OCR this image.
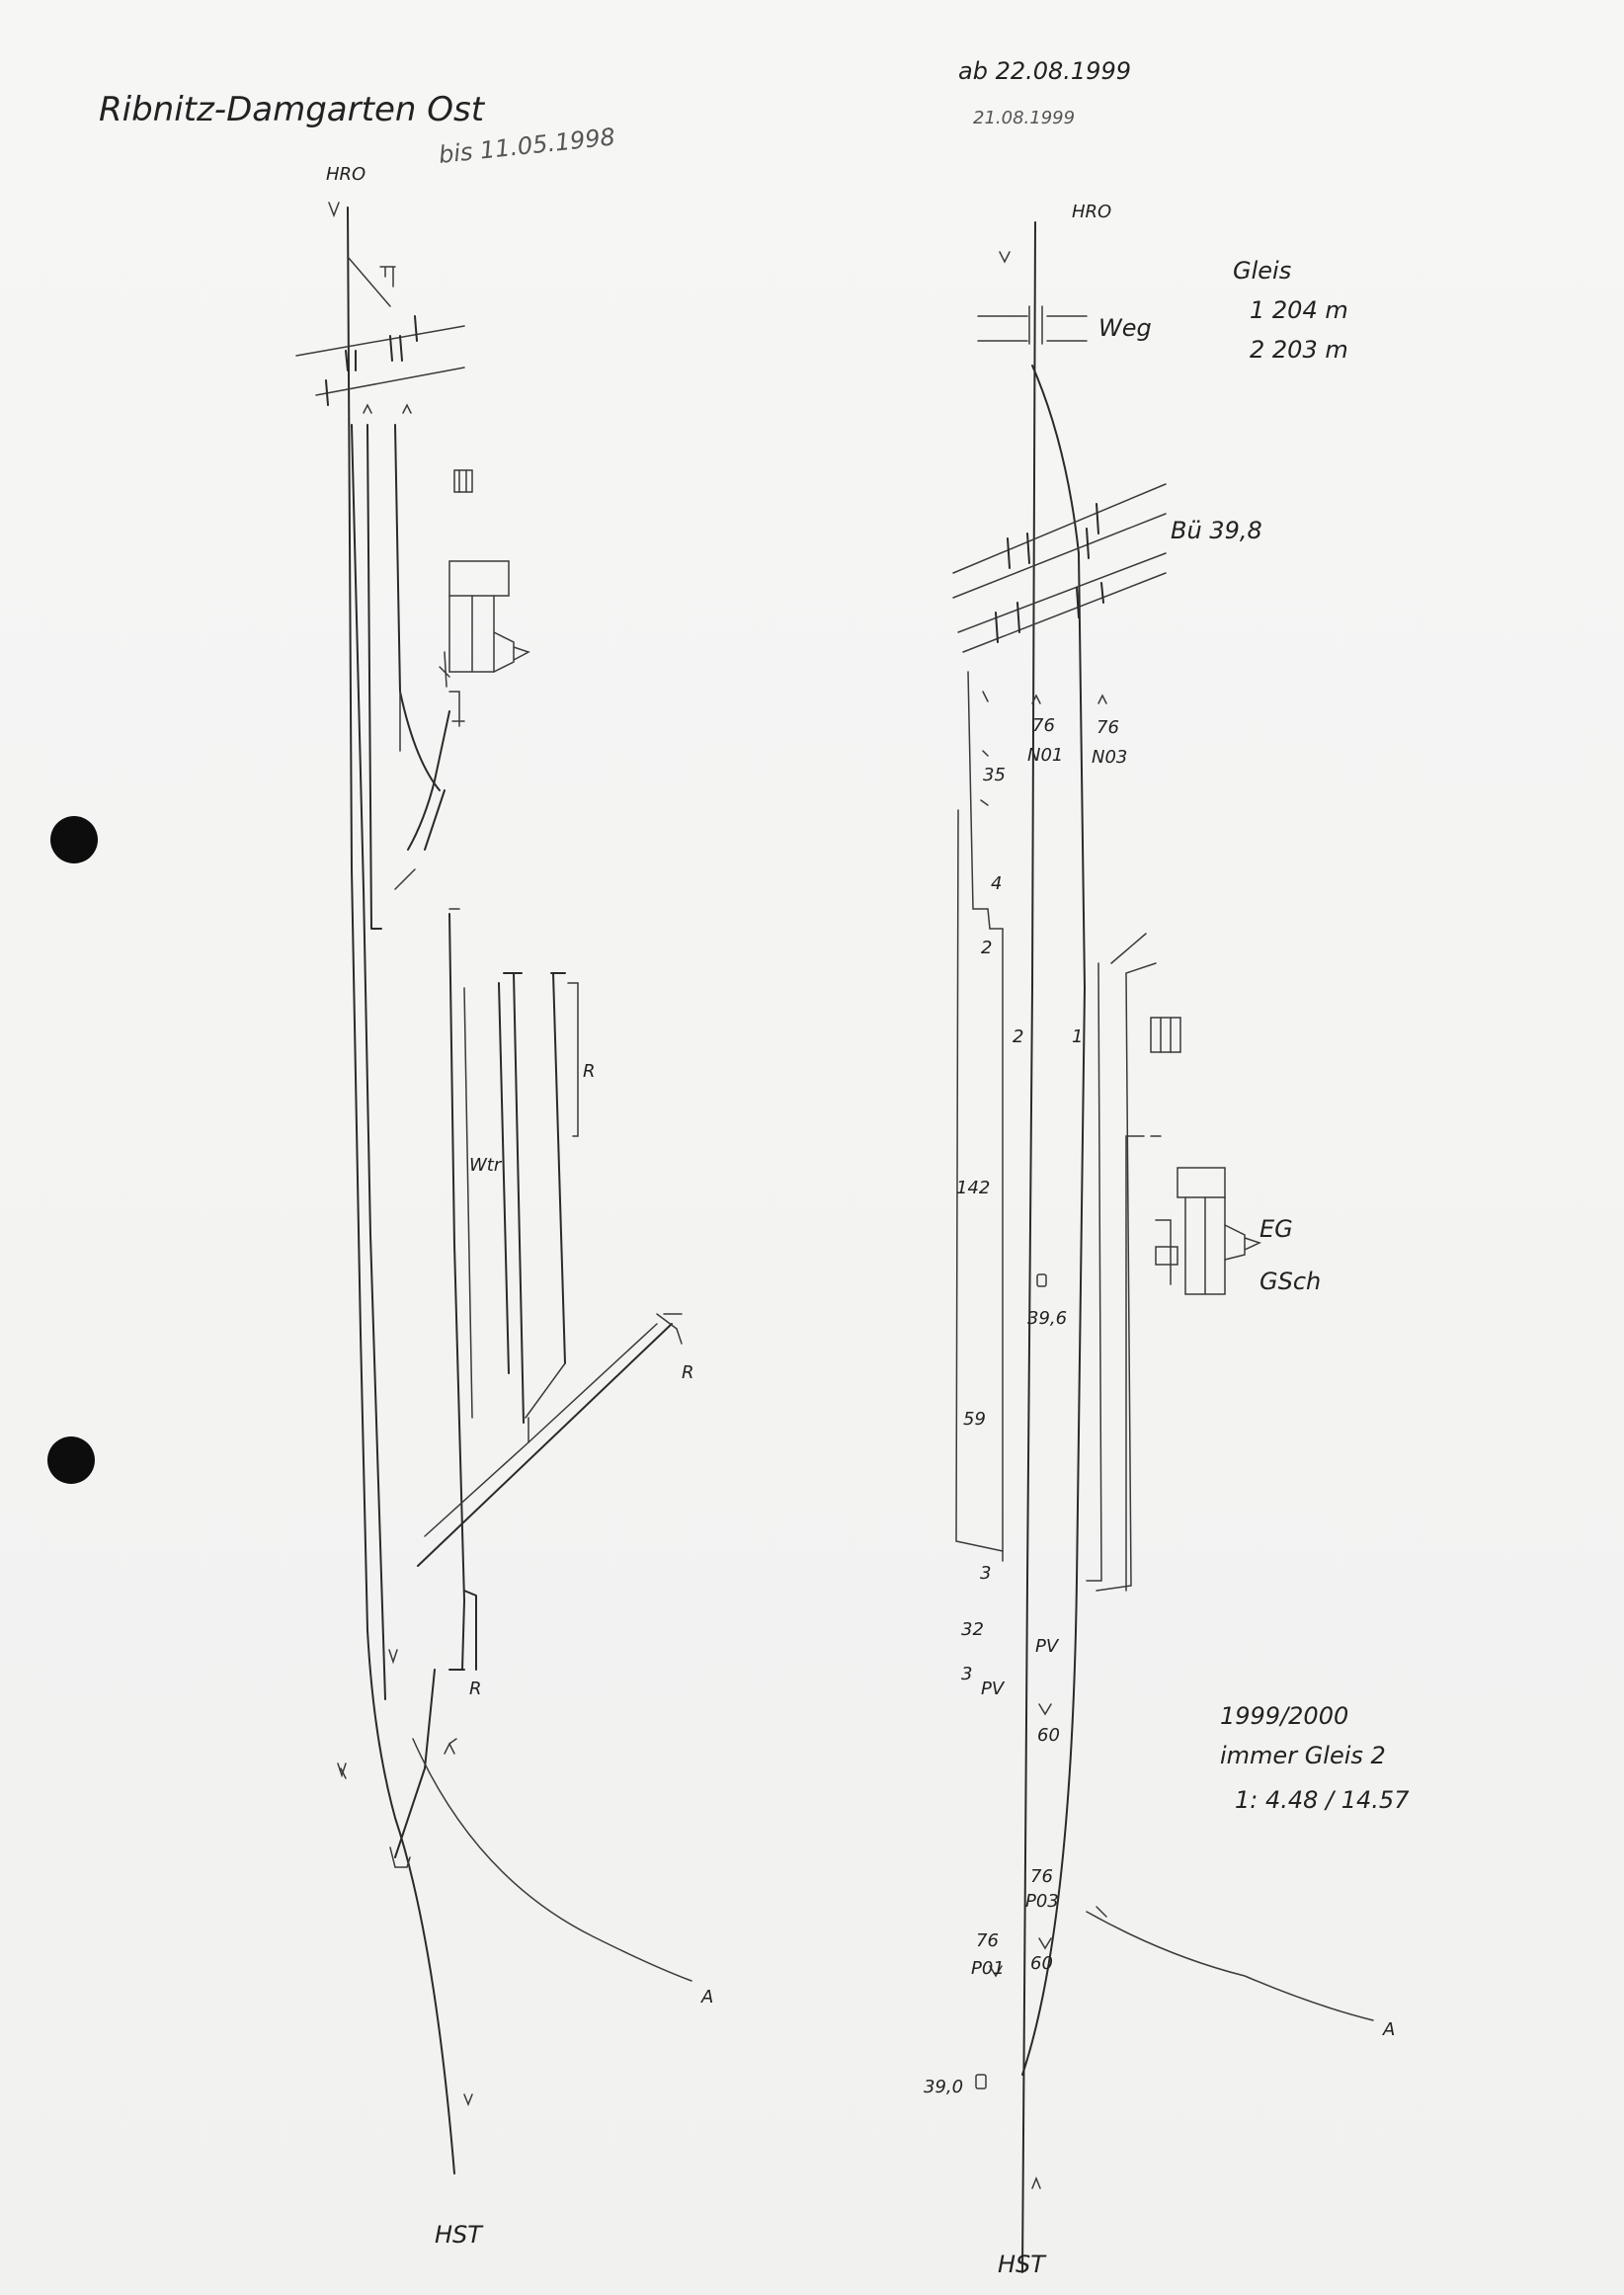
Ribnitz-Damgarten Ost
bis 11.05.1998
HRO
HST
R
Wtr
R
R
A
ab 22.08.1999
21.08.1999
HRO
HST
Weg
Bü 39,8
Gleis
1 204 m
2 203 m
76
N01
76
N03
35
4
2
142
59
3
32
3
2	1
39,6
39,0
PV
PV
60
60
76
P03
76
P01
EG
GSch
1999/2000
immer Gleis 2
1: 4.48 / 14.57
A
